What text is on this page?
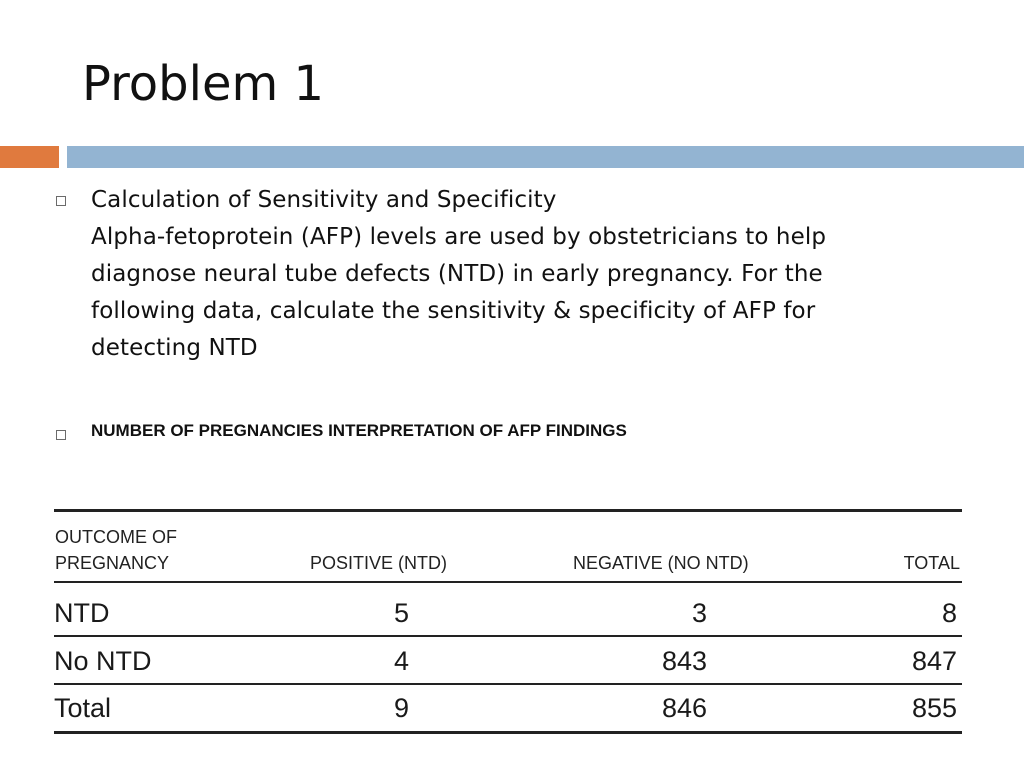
Problem 1
Calculation of Sensitivity and Specificity
Alpha-fetoprotein (AFP) levels are used by obstetricians to help
diagnose neural tube defects (NTD) in early pregnancy. For the
following data, calculate the sensitivity & specificity of AFP for
detecting NTD
NUMBER OF PREGNANCIES INTERPRETATION OF AFP FINDINGS
OUTCOME OF
PREGNANCY	POSITIVE (NTD)	NEGATIVE (NO NTD)	TOTAL
NTD	5	3	8
No NTD	4	843	847
Total	9	846	855
